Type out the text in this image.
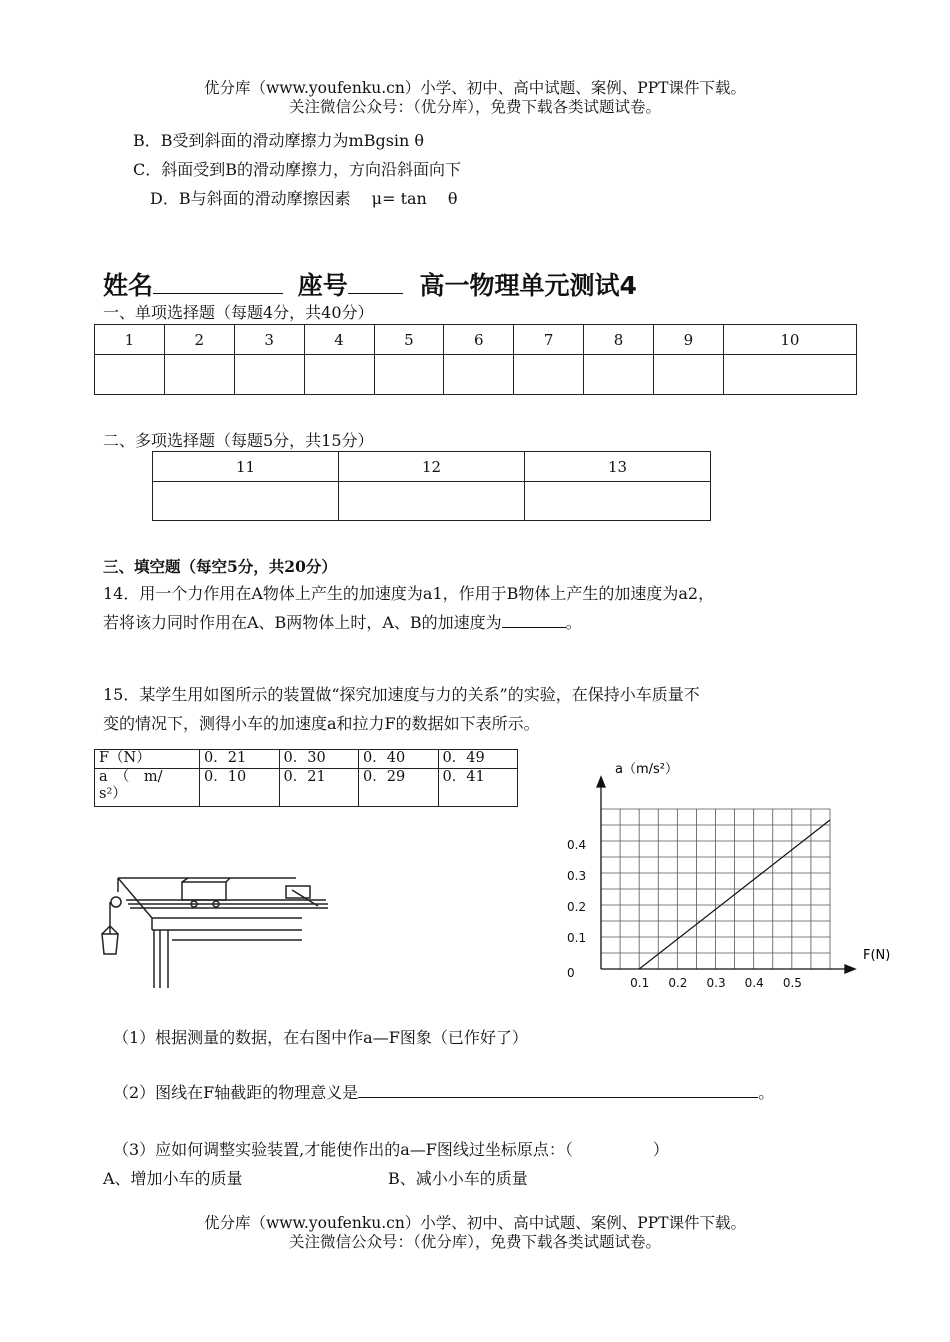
优分库（www.youfenku.cn）小学、初中、高中试题、案例、PPT课件下载。
关注微信公众号：（优分库），免费下载各类试题试卷。
B．B受到斜面的滑动摩擦力为mBgsin θ
C．斜面受到B的滑动摩擦力，方向沿斜面向下
D．B与斜面的滑动摩擦因素　 μ= tan　 θ
姓名	座号	高一物理单元测试4
一、单项选择题（每题4分，共40分）
1	2	3	4	5	6	7	8	9	10

二、多项选择题（每题5分，共15分）
11	12	13

三、填空题（每空5分，共20分）
14．用一个力作用在A物体上产生的加速度为a1，作用于B物体上产生的加速度为a2，
若将该力同时作用在A、B两物体上时，A、B的加速度为	。
15．某学生用如图所示的装置做“探究加速度与力的关系”的实验，在保持小车质量不
变的情况下，测得小车的加速度a和拉力F的数据如下表所示。
F（N）	0．21	0．30	0．40	0．49
a　（　m/
s²）	0．10	0．21	0．29	0．41
0.1 0.2 0.3 0.4 0.5
0
0.1
0.2
0.3
0.4
a（m/s²）
F(N)
（1）根据测量的数据，在右图中作a—F图象（已作好了）
（2）图线在F轴截距的物理意义是	。
（3）应如何调整实验装置,才能使作出的a—F图线过坐标原点：（　　　　　）
A、增加小车的质量	B、减小小车的质量
优分库（www.youfenku.cn）小学、初中、高中试题、案例、PPT课件下载。
关注微信公众号：（优分库），免费下载各类试题试卷。
